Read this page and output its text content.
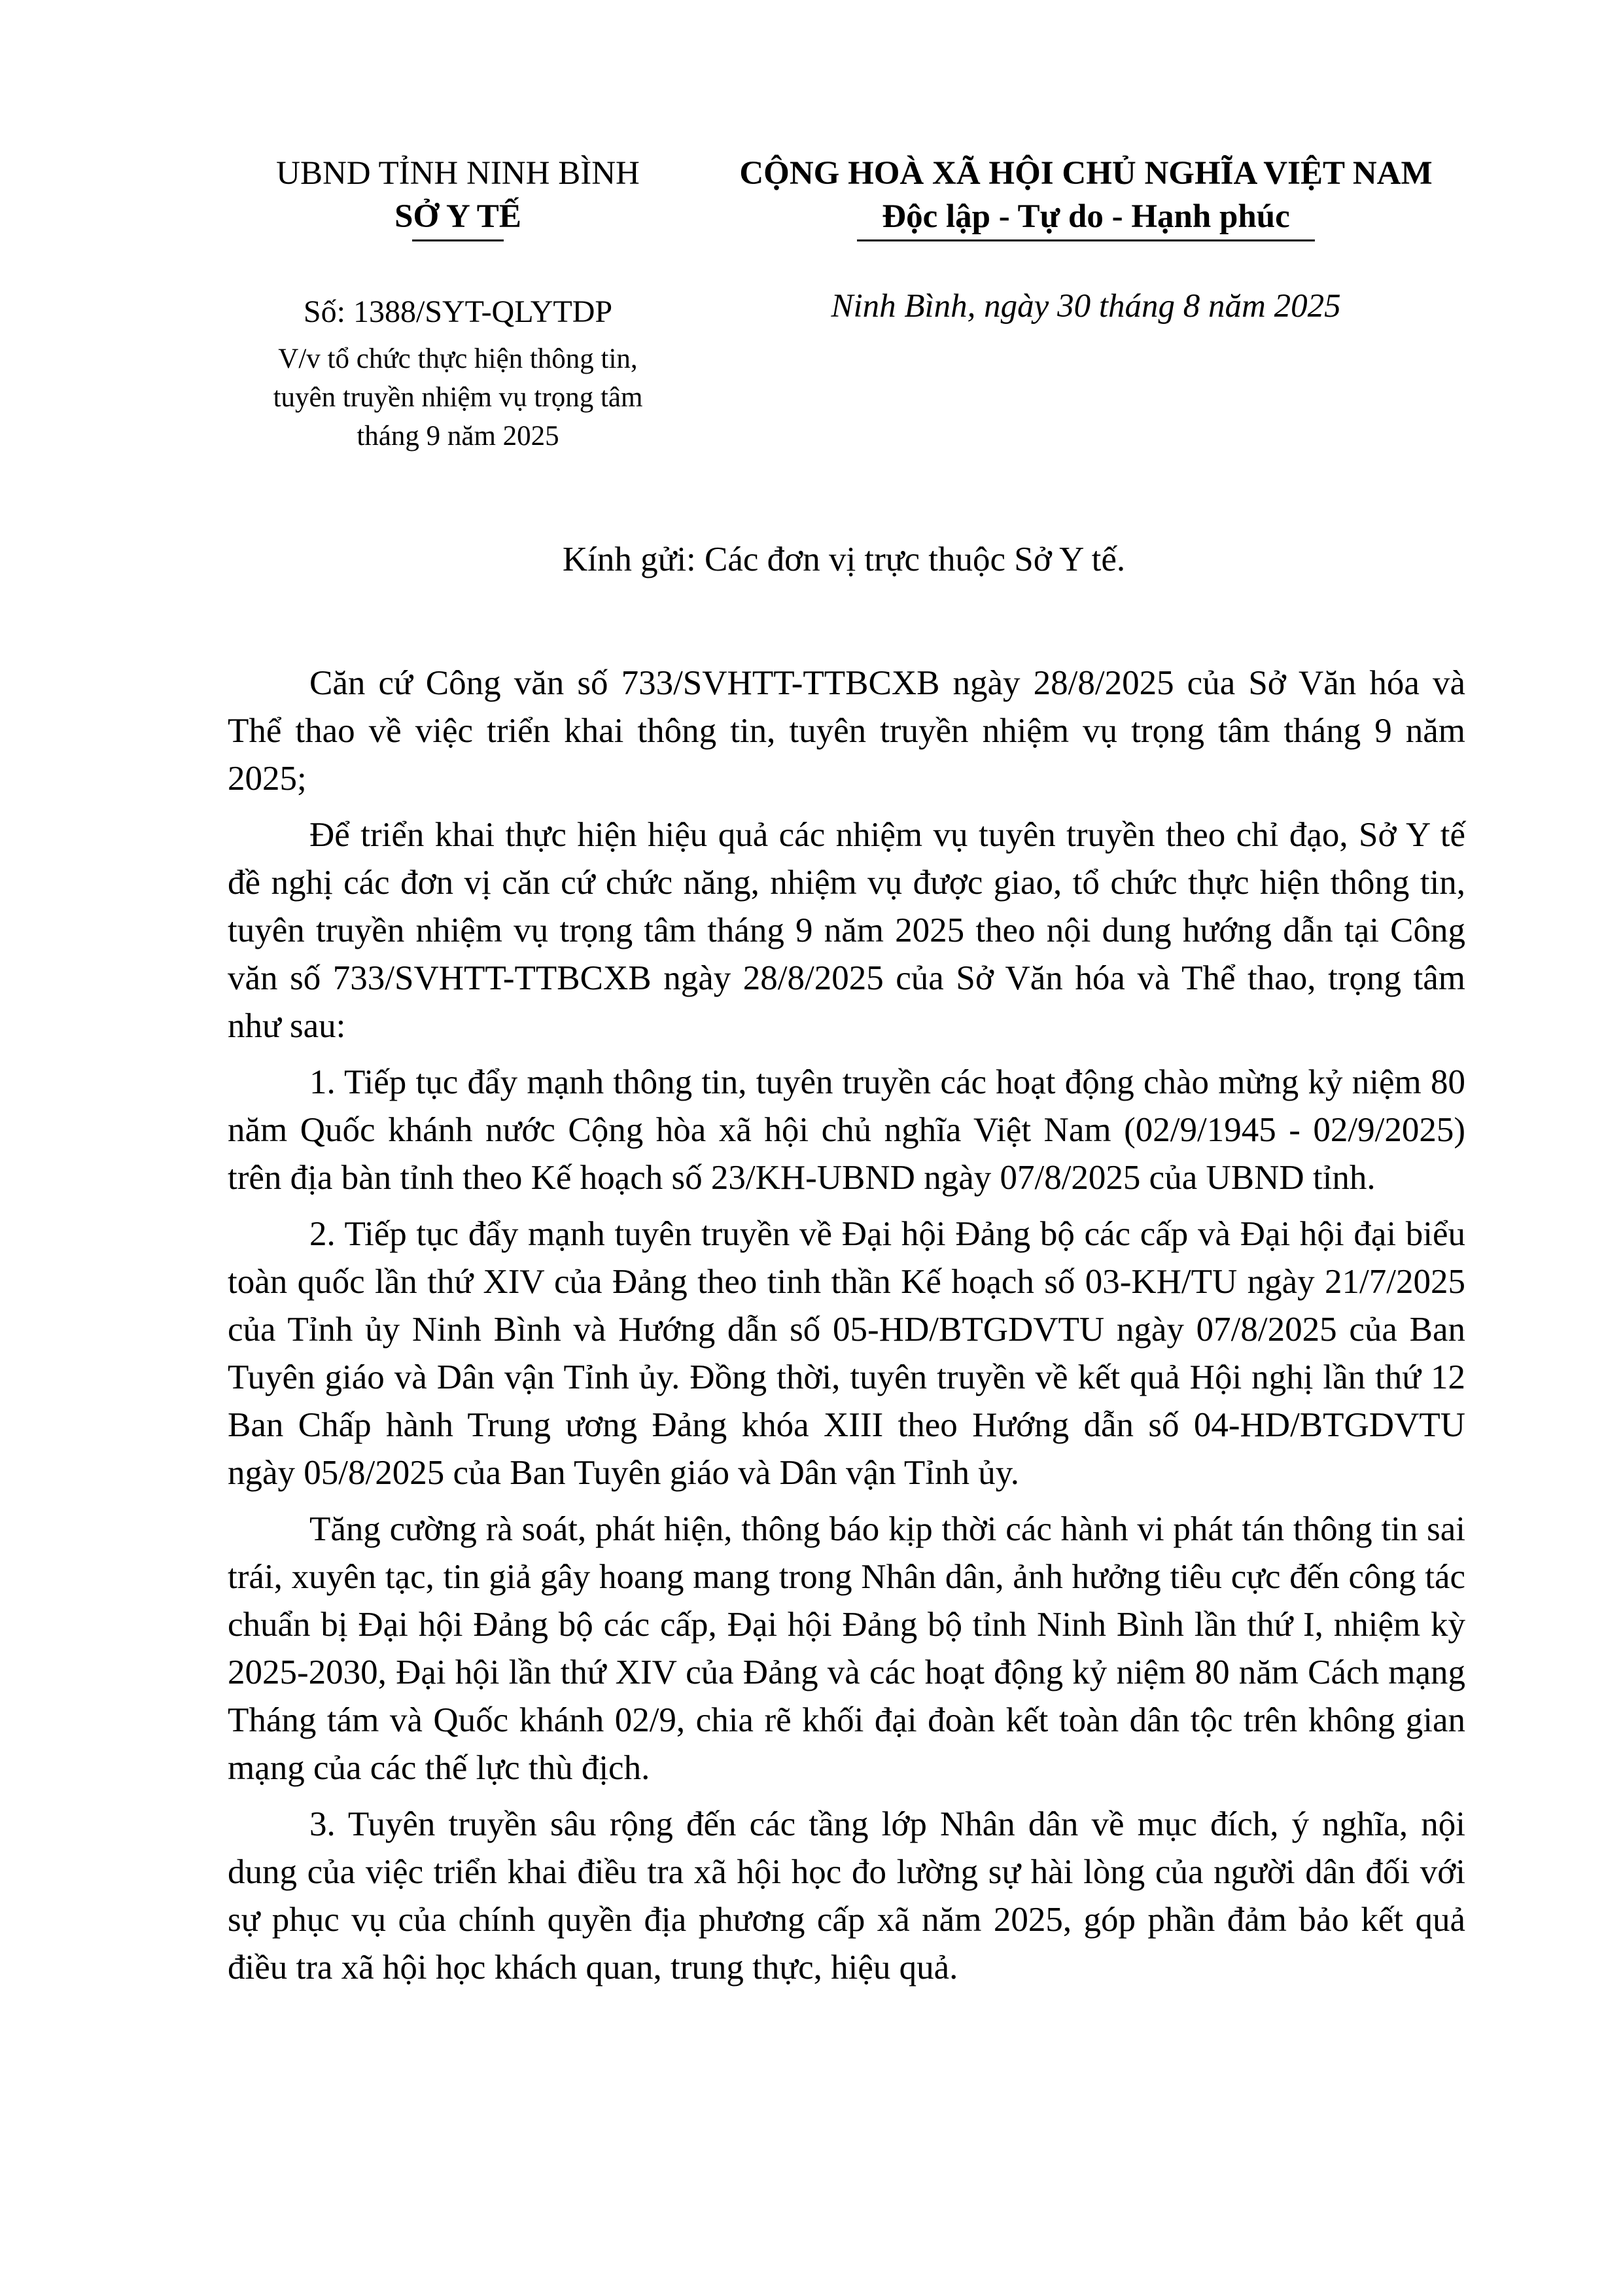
UBND TỈNH NINH BÌNH
SỞ Y TẾ
Số: 1388/SYT-QLYTDP
V/v tổ chức thực hiện thông tin,
tuyên truyền nhiệm vụ trọng tâm
tháng 9 năm 2025
CỘNG HOÀ XÃ HỘI CHỦ NGHĨA VIỆT NAM
Độc lập - Tự do - Hạnh phúc
Ninh Bình, ngày 30 tháng 8 năm 2025
Kính gửi: Các đơn vị trực thuộc Sở Y tế.

Căn cứ Công văn số 733/SVHTT-TTBCXB ngày 28/8/2025 của Sở Văn hóa và Thể thao về việc triển khai thông tin, tuyên truyền nhiệm vụ trọng tâm tháng 9 năm 2025;

Để triển khai thực hiện hiệu quả các nhiệm vụ tuyên truyền theo chỉ đạo, Sở Y tế đề nghị các đơn vị căn cứ chức năng, nhiệm vụ được giao, tổ chức thực hiện thông tin, tuyên truyền nhiệm vụ trọng tâm tháng 9 năm 2025 theo nội dung hướng dẫn tại Công văn số 733/SVHTT-TTBCXB ngày 28/8/2025 của Sở Văn hóa và Thể thao, trọng tâm như sau:

1. Tiếp tục đẩy mạnh thông tin, tuyên truyền các hoạt động chào mừng kỷ niệm 80 năm Quốc khánh nước Cộng hòa xã hội chủ nghĩa Việt Nam (02/9/1945 - 02/9/2025) trên địa bàn tỉnh theo Kế hoạch số 23/KH-UBND ngày 07/8/2025 của UBND tỉnh.

2. Tiếp tục đẩy mạnh tuyên truyền về Đại hội Đảng bộ các cấp và Đại hội đại biểu toàn quốc lần thứ XIV của Đảng theo tinh thần Kế hoạch số 03-KH/TU ngày 21/7/2025 của Tỉnh ủy Ninh Bình và Hướng dẫn số 05-HD/BTGDVTU ngày 07/8/2025 của Ban Tuyên giáo và Dân vận Tỉnh ủy. Đồng thời, tuyên truyền về kết quả Hội nghị lần thứ 12 Ban Chấp hành Trung ương Đảng khóa XIII theo Hướng dẫn số 04-HD/BTGDVTU ngày 05/8/2025 của Ban Tuyên giáo và Dân vận Tỉnh ủy.

Tăng cường rà soát, phát hiện, thông báo kịp thời các hành vi phát tán thông tin sai trái, xuyên tạc, tin giả gây hoang mang trong Nhân dân, ảnh hưởng tiêu cực đến công tác chuẩn bị Đại hội Đảng bộ các cấp, Đại hội Đảng bộ tỉnh Ninh Bình lần thứ I, nhiệm kỳ 2025-2030, Đại hội lần thứ XIV của Đảng và các hoạt động kỷ niệm 80 năm Cách mạng Tháng tám và Quốc khánh 02/9, chia rẽ khối đại đoàn kết toàn dân tộc trên không gian mạng của các thế lực thù địch.

3. Tuyên truyền sâu rộng đến các tầng lớp Nhân dân về mục đích, ý nghĩa, nội dung của việc triển khai điều tra xã hội học đo lường sự hài lòng của người dân đối với sự phục vụ của chính quyền địa phương cấp xã năm 2025, góp phần đảm bảo kết quả điều tra xã hội học khách quan, trung thực, hiệu quả.
